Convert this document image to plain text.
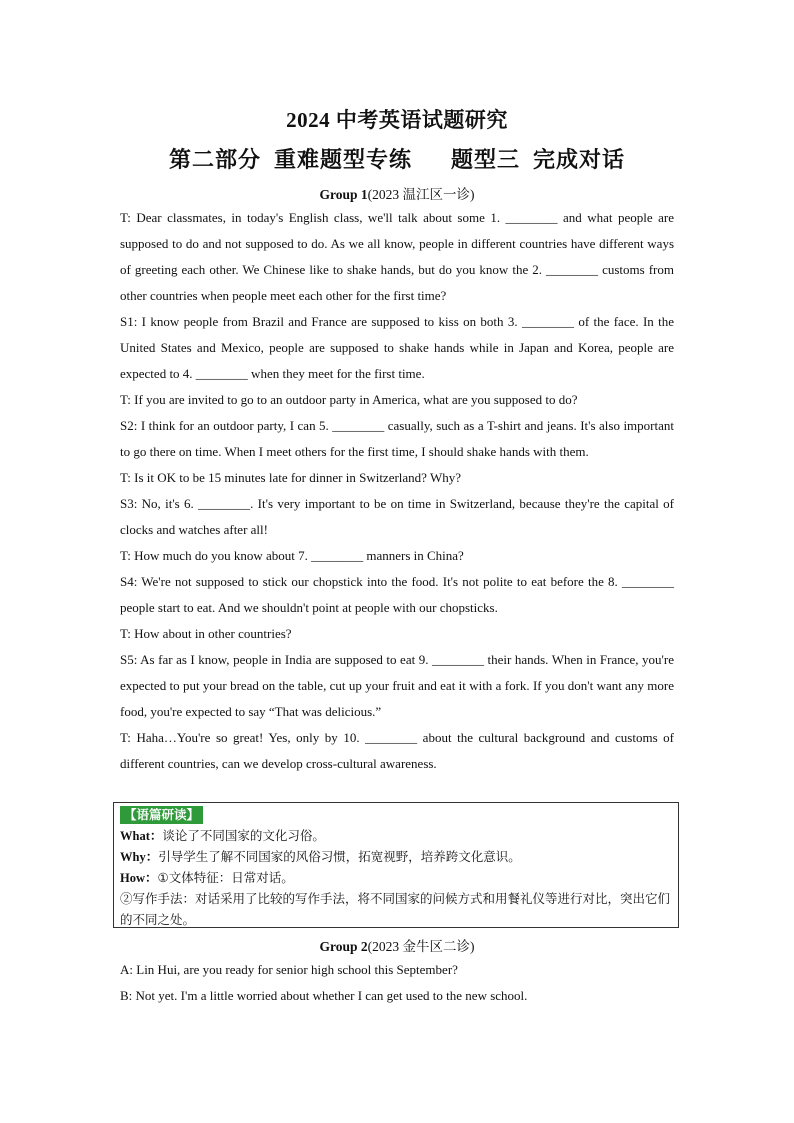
2024 中考英语试题研究
第二部分  重难题型专练      题型三  完成对话
Group 1(2023 温江区一诊)

T: Dear classmates, in today's English class, we'll talk about some 1. ________ and what people are supposed to do and not supposed to do. As we all know, people in different countries have different ways of greeting each other. We Chinese like to shake hands, but do you know the 2. ________ customs from other countries when people meet each other for the first time?

S1: I know people from Brazil and France are supposed to kiss on both 3. ________ of the face. In the United States and Mexico, people are supposed to shake hands while in Japan and Korea, people are expected to 4. ________ when they meet for the first time.

T: If you are invited to go to an outdoor party in America, what are you supposed to do?

S2: I think for an outdoor party, I can 5. ________ casually, such as a T-shirt and jeans. It's also important to go there on time. When I meet others for the first time, I should shake hands with them.

T: Is it OK to be 15 minutes late for dinner in Switzerland? Why?

S3: No, it's 6. ________. It's very important to be on time in Switzerland, because they're the capital of clocks and watches after all!

T: How much do you know about 7. ________ manners in China?

S4: We're not supposed to stick our chopstick into the food. It's not polite to eat before the 8. ________ people start to eat. And we shouldn't point at people with our chopsticks.

T: How about in other countries?

S5: As far as I know, people in India are supposed to eat 9. ________ their hands. When in France, you're expected to put your bread on the table, cut up your fruit and eat it with a fork. If you don't want any more food, you're expected to say “That was delicious.”

T: Haha…You're so great! Yes, only by 10. ________ about the cultural background and customs of different countries, can we develop cross-cultural awareness.

【语篇研读】

What：谈论了不同国家的文化习俗。

Why：引导学生了解不同国家的风俗习惯，拓宽视野，培养跨文化意识。

How：①文体特征：日常对话。

②写作手法：对话采用了比较的写作手法，将不同国家的问候方式和用餐礼仪等进行对比，突出它们的不同之处。

Group 2(2023 金牛区二诊)

A: Lin Hui, are you ready for senior high school this September?

B: Not yet. I'm a little worried about whether I can get used to the new school.
